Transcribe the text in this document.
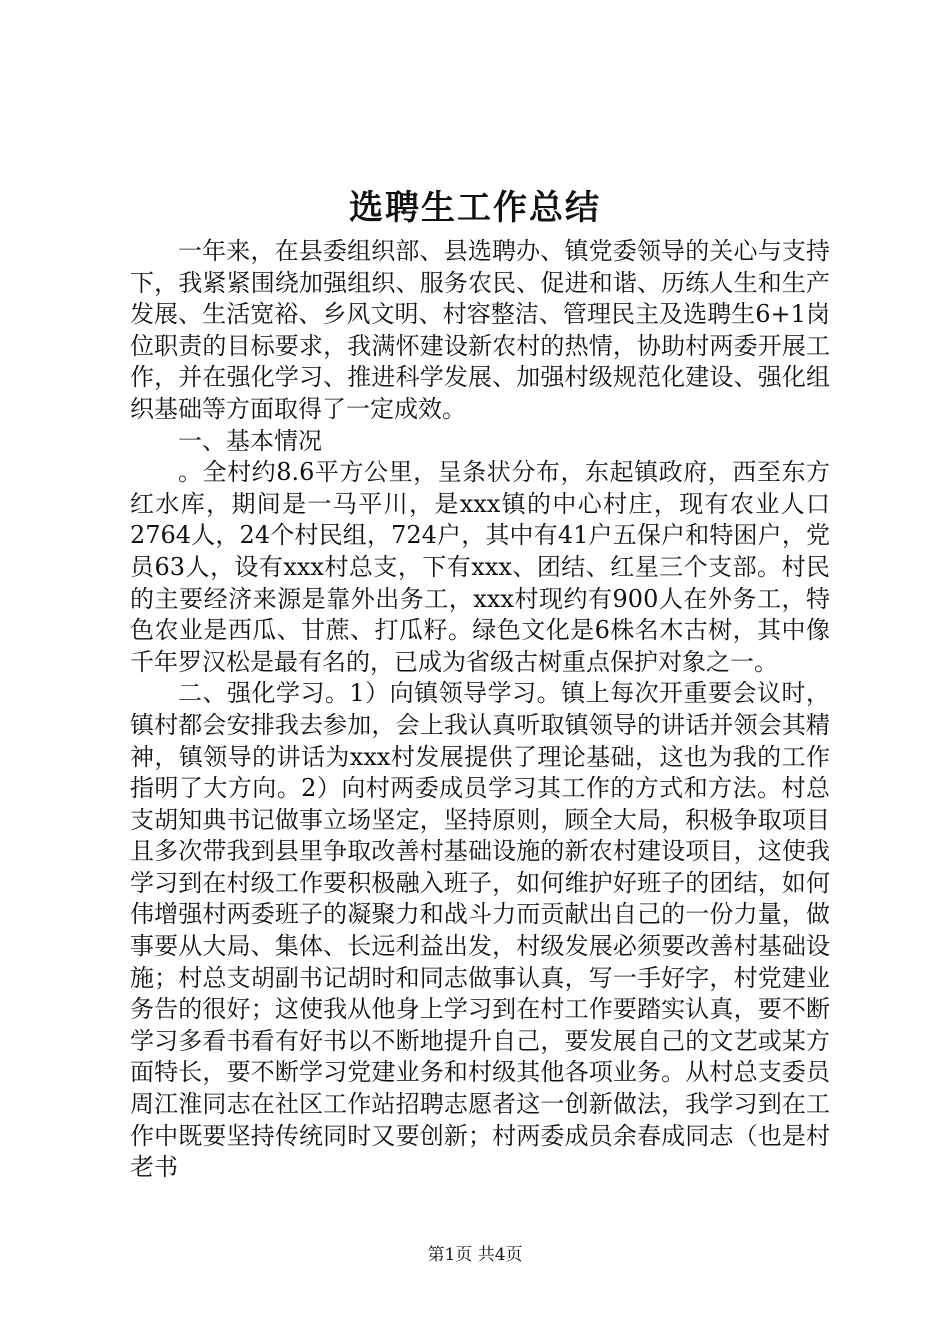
选聘生工作总结

一年来，在县委组织部、县选聘办、镇党委领导的关心与支持下，我紧紧围绕加强组织、服务农民、促进和谐、历练人生和生产发展、生活宽裕、乡风文明、村容整洁、管理民主及选聘生6+1岗位职责的目标要求，我满怀建设新农村的热情，协助村两委开展工作，并在强化学习、推进科学发展、加强村级规范化建设、强化组织基础等方面取得了一定成效。

一、基本情况

。全村约8.6平方公里，呈条状分布，东起镇政府，西至东方红水库，期间是一马平川，是xxx镇的中心村庄，现有农业人口2764人，24个村民组，724户，其中有41户五保户和特困户，党员63人，设有xxx村总支，下有xxx、团结、红星三个支部。村民的主要经济来源是靠外出务工，xxx村现约有900人在外务工，特色农业是西瓜、甘蔗、打瓜籽。绿色文化是6株名木古树，其中像千年罗汉松是最有名的，已成为省级古树重点保护对象之一。

二、强化学习。1）向镇领导学习。镇上每次开重要会议时，镇村都会安排我去参加，会上我认真听取镇领导的讲话并领会其精神，镇领导的讲话为xxx村发展提供了理论基础，这也为我的工作指明了大方向。2）向村两委成员学习其工作的方式和方法。村总支胡知典书记做事立场坚定，坚持原则，顾全大局，积极争取项目且多次带我到县里争取改善村基础设施的新农村建设项目，这使我学习到在村级工作要积极融入班子，如何维护好班子的团结，如何伟增强村两委班子的凝聚力和战斗力而贡献出自己的一份力量，做事要从大局、集体、长远利益出发，村级发展必须要改善村基础设施；村总支胡副书记胡时和同志做事认真，写一手好字，村党建业务告的很好；这使我从他身上学习到在村工作要踏实认真，要不断学习多看书看有好书以不断地提升自己，要发展自己的文艺或某方面特长，要不断学习党建业务和村级其他各项业务。从村总支委员周江淮同志在社区工作站招聘志愿者这一创新做法，我学习到在工作中既要坚持传统同时又要创新；村两委成员余春成同志（也是村老书

第1页 共4页
